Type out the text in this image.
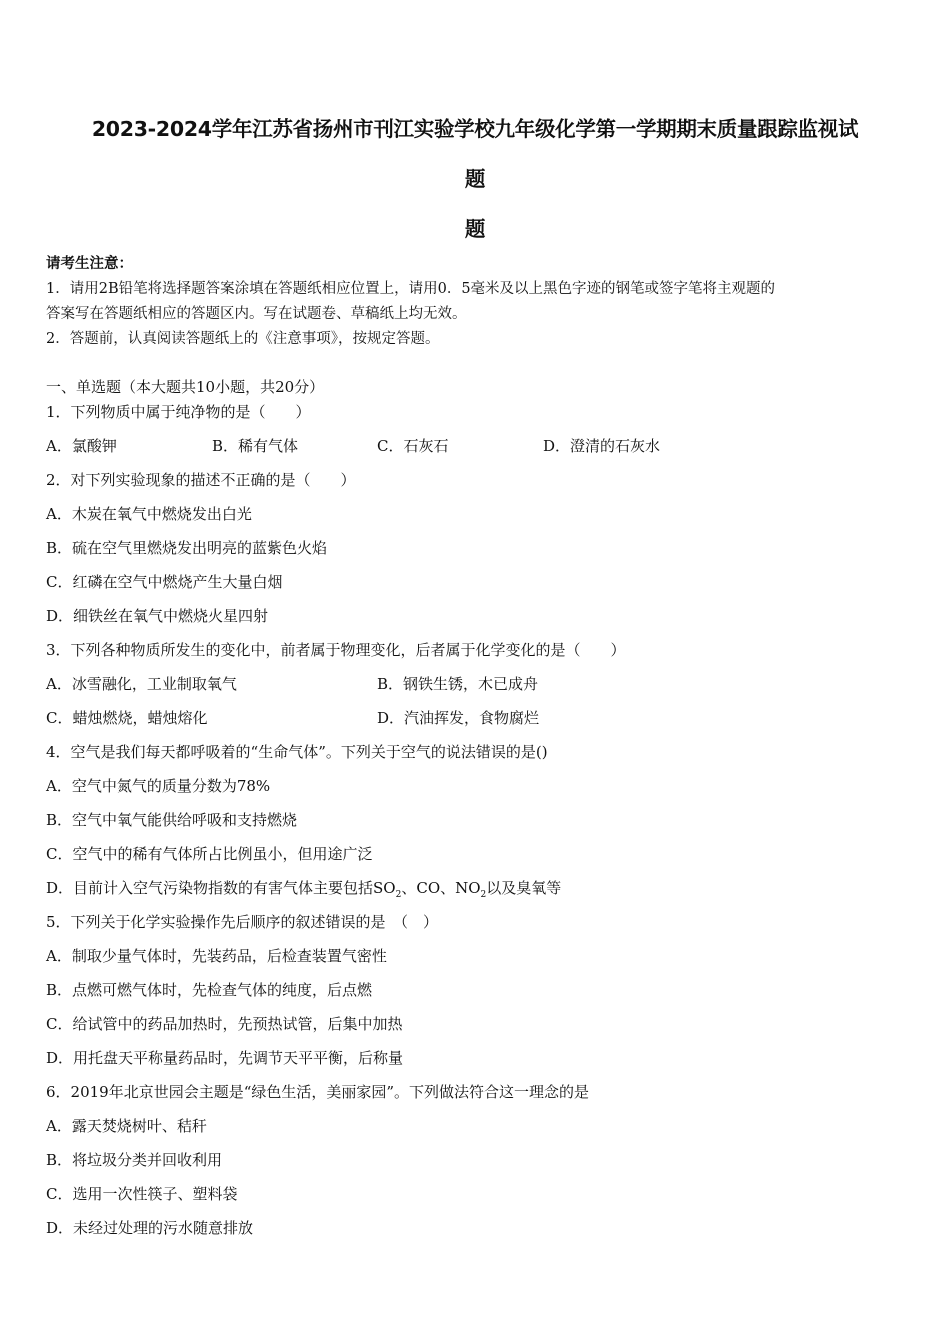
2023-2024学年江苏省扬州市刊江实验学校九年级化学第一学期期末质量跟踪监视试
题
题
请考生注意：
1．请用2B铅笔将选择题答案涂填在答题纸相应位置上，请用0．5毫米及以上黑色字迹的钢笔或签字笔将主观题的
答案写在答题纸相应的答题区内。写在试题卷、草稿纸上均无效。
2．答题前，认真阅读答题纸上的《注意事项》，按规定答题。
一、单选题（本大题共10小题，共20分）
1．下列物质中属于纯净物的是（　　）
A．氯酸钾	B．稀有气体	C．石灰石	D．澄清的石灰水
2．对下列实验现象的描述不正确的是（　　）
A．木炭在氧气中燃烧发出白光
B．硫在空气里燃烧发出明亮的蓝紫色火焰
C．红磷在空气中燃烧产生大量白烟
D．细铁丝在氧气中燃烧火星四射
3．下列各种物质所发生的变化中，前者属于物理变化，后者属于化学变化的是（　　）
A．冰雪融化，工业制取氧气	B．钢铁生锈，木已成舟
C．蜡烛燃烧，蜡烛熔化	D．汽油挥发，食物腐烂
4．空气是我们每天都呼吸着的“生命气体”。下列关于空气的说法错误的是()
A．空气中氮气的质量分数为78%
B．空气中氧气能供给呼吸和支持燃烧
C．空气中的稀有气体所占比例虽小，但用途广泛
D．目前计入空气污染物指数的有害气体主要包括$SO_2$、CO、$NO_2$以及臭氧等
5．下列关于化学实验操作先后顺序的叙述错误的是　（　）
A．制取少量气体时，先装药品，后检查装置气密性
B．点燃可燃气体时，先检查气体的纯度，后点燃
C．给试管中的药品加热时，先预热试管，后集中加热
D．用托盘天平称量药品时，先调节天平平衡，后称量
6．2019年北京世园会主题是“绿色生活，美丽家园”。下列做法符合这一理念的是
A．露天焚烧树叶、秸秆
B．将垃圾分类并回收利用
C．选用一次性筷子、塑料袋
D．未经过处理的污水随意排放
